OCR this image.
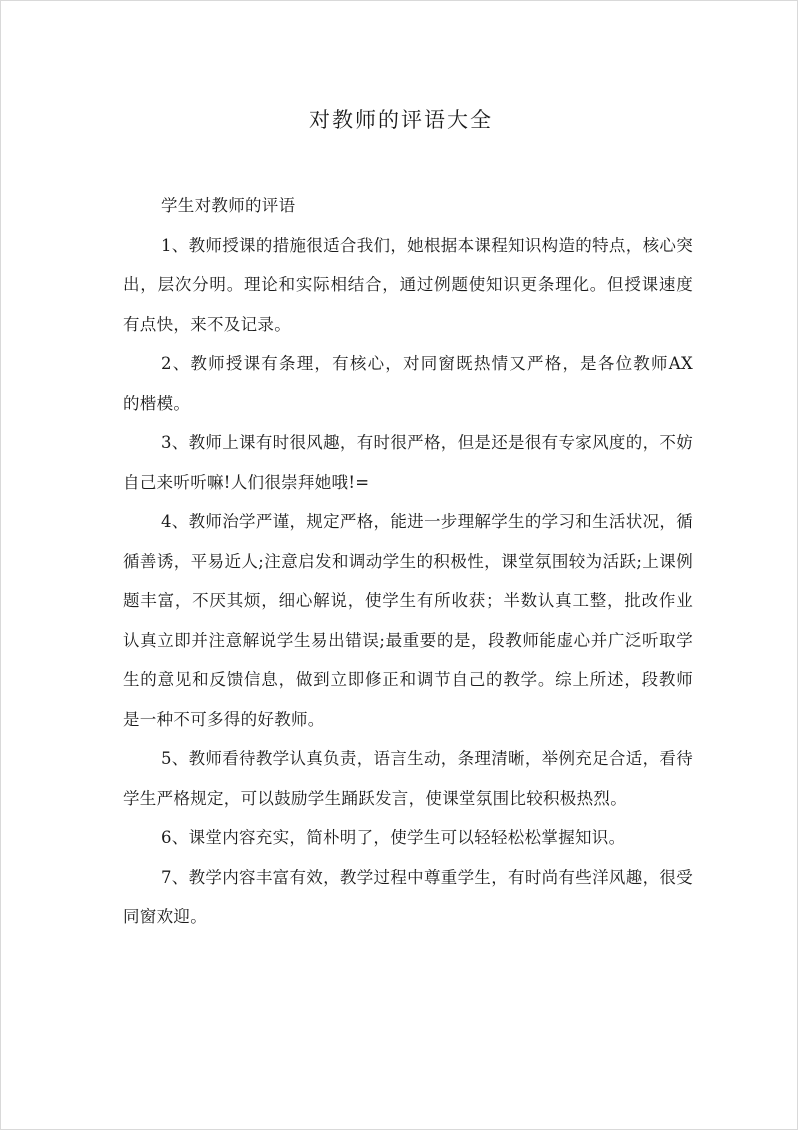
对教师的评语大全

学生对教师的评语

1、教师授课的措施很适合我们，她根据本课程知识构造的特点，核心突出，层次分明。理论和实际相结合，通过例题使知识更条理化。但授课速度有点快，来不及记录。

2、教师授课有条理，有核心，对同窗既热情又严格，是各位教师ΑΧ　的楷模。

3、教师上课有时很风趣，有时很严格，但是还是很有专家风度的，不妨自己来听听嘛!人们很崇拜她哦!=

4、教师治学严谨，规定严格，能进一步理解学生的学习和生活状况，循循善诱，平易近人;注意启发和调动学生的积极性，课堂氛围较为活跃;上课例题丰富，不厌其烦，细心解说，使学生有所收获；半数认真工整，批改作业认真立即并注意解说学生易出错误;最重要的是，段教师能虚心并广泛听取学生的意见和反馈信息，做到立即修正和调节自己的教学。综上所述，段教师是一种不可多得的好教师。

5、教师看待教学认真负责，语言生动，条理清晰，举例充足合适，看待学生严格规定，可以鼓励学生踊跃发言，使课堂氛围比较积极热烈。

6、课堂内容充实，简朴明了，使学生可以轻轻松松掌握知识。

7、教学内容丰富有效，教学过程中尊重学生，有时尚有些洋风趣，很受同窗欢迎。
